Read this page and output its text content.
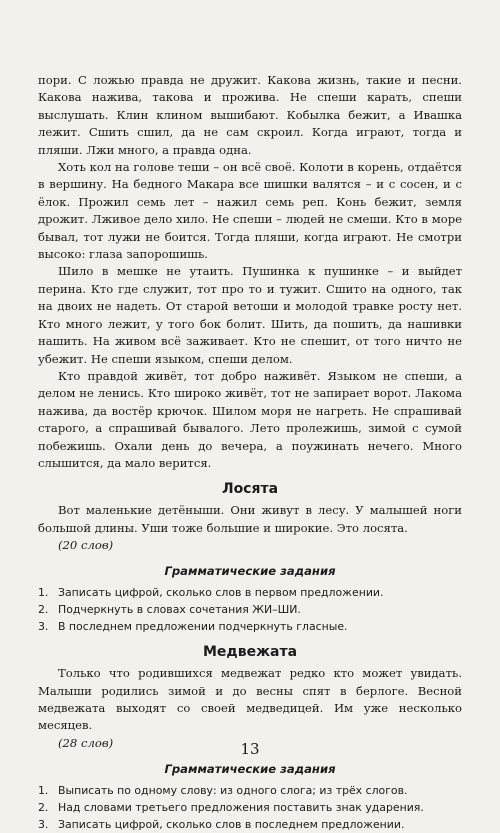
пори. С ложью правда не дружит. Какова жизнь, такие и песни. Какова нажива, такова и прожива. Не спеши карать, спеши выслушать. Клин клином вышибают. Кобылка бежит, а Ивашка лежит. Сшить сшил, да не сам скроил. Когда играют, тогда и пляши. Лжи много, а правда одна.

Хоть кол на голове теши – он всё своё. Колоти в корень, отдаётся в вершину. На бедного Макара все шишки валятся – и с сосен, и с ёлок. Прожил семь лет – нажил семь реп. Конь бежит, земля дрожит. Лживое дело хило. Не спеши – людей не смеши. Кто в море бывал, тот лужи не боится. Тогда пляши, когда играют. Не смотри высоко: глаза запорошишь.

Шило в мешке не утаить. Пушинка к пушинке – и выйдет перина. Кто где служит, тот про то и тужит. Сшито на одного, так на двоих не надеть. От старой ветоши и молодой травке росту нет. Кто много лежит, у того бок болит. Шить, да пошить, да нашивки нашить. На живом всё заживает. Кто не спешит, от того ничто не убежит. Не спеши языком, спеши делом.

Кто правдой живёт, тот добро наживёт. Языком не спеши, а делом не ленись. Кто широко живёт, тот не запирает ворот. Лакома нажива, да востёр крючок. Шилом моря не нагреть. Не спрашивай старого, а спрашивай бывалого. Лето пролежишь, зимой с сумой побежишь. Охали день до вечера, а поужинать нечего. Много слышится, да мало верится.

Лосята

Вот маленькие детёныши. Они живут в лесу. У малышей ноги большой длины. Уши тоже большие и широкие. Это лосята.

(20 слов)

Грамматические задания
1. Записать цифрой, сколько слов в первом предложении.
2. Подчеркнуть в словах сочетания ЖИ–ШИ.
3. В последнем предложении подчеркнуть гласные.
Медвежата

Только что родившихся медвежат редко кто может увидать. Малыши родились зимой и до весны спят в берлоге. Весной медвежата выходят со своей медведицей. Им уже несколько месяцев.

(28 слов)

Грамматические задания
1. Выписать по одному слову: из одного слога; из трёх слогов.
2. Над словами третьего предложения поставить знак ударения.
3. Записать цифрой, сколько слов в последнем предложении.
13
